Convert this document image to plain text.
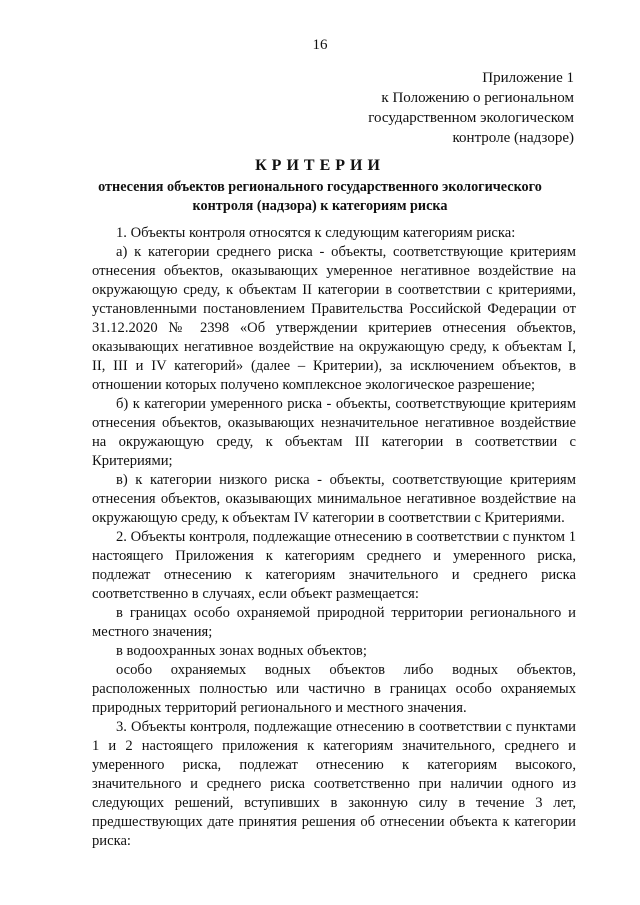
16
Приложение 1
к Положению о региональном
государственном экологическом
контроле (надзоре)
КРИТЕРИИ
отнесения объектов регионального государственного экологического контроля (надзора) к категориям риска

1. Объекты контроля относятся к следующим категориям риска:

а) к категории среднего риска - объекты, соответствующие критериям отнесения объектов, оказывающих умеренное негативное воздействие на окружающую среду, к объектам II категории в соответствии с критериями, установленными постановлением Правительства Российской Федерации от 31.12.2020 № 2398 «Об утверждении критериев отнесения объектов, оказывающих негативное воздействие на окружающую среду, к объектам I, II, III и IV категорий» (далее – Критерии), за исключением объектов, в отношении которых получено комплексное экологическое разрешение;

б) к категории умеренного риска - объекты, соответствующие критериям отнесения объектов, оказывающих незначительное негативное воздействие на окружающую среду, к объектам III категории в соответствии с Критериями;

в) к категории низкого риска - объекты, соответствующие критериям отнесения объектов, оказывающих минимальное негативное воздействие на окружающую среду, к объектам IV категории в соответствии с Критериями.

2. Объекты контроля, подлежащие отнесению в соответствии с пунктом 1 настоящего Приложения к категориям среднего и умеренного риска, подлежат отнесению к категориям значительного и среднего риска соответственно в случаях, если объект размещается:

в границах особо охраняемой природной территории регионального и местного значения;

в водоохранных зонах водных объектов;

особо охраняемых водных объектов либо водных объектов, расположенных полностью или частично в границах особо охраняемых природных территорий регионального и местного значения.

3. Объекты контроля, подлежащие отнесению в соответствии с пунктами 1 и 2 настоящего приложения к категориям значительного, среднего и умеренного риска, подлежат отнесению к категориям высокого, значительного и среднего риска соответственно при наличии одного из следующих решений, вступивших в законную силу в течение 3 лет, предшествующих дате принятия решения об отнесении объекта к категории риска:
